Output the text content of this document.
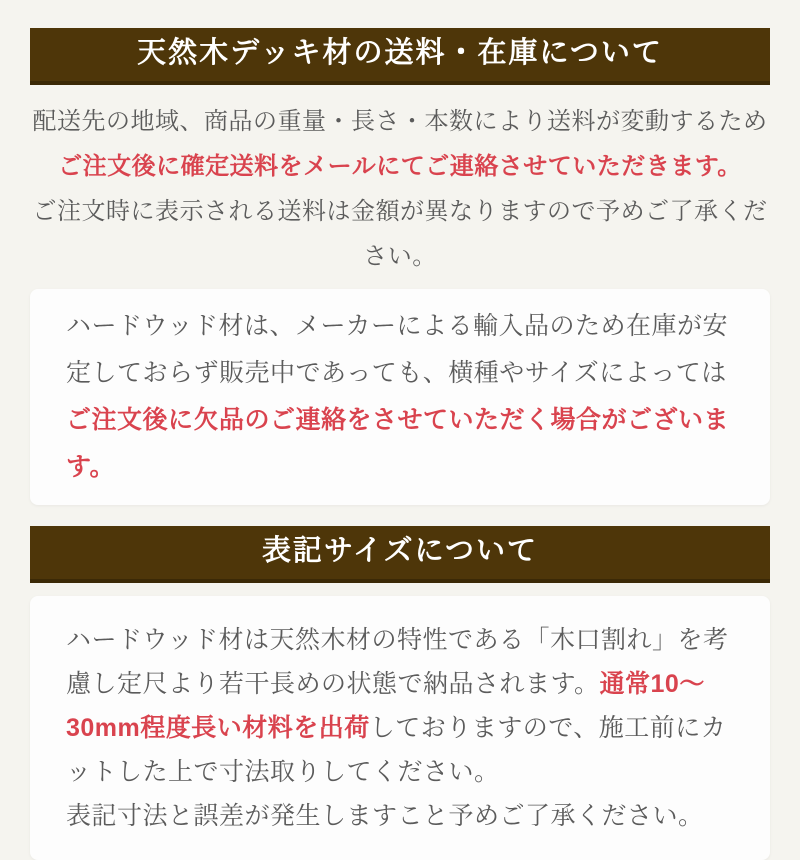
天然木デッキ材の送料・在庫について

配送先の地域、商品の重量・長さ・本数により送料が変動するため

ご注文後に確定送料をメールにてご連絡させていただきます。

ご注文時に表示される送料は金額が異なりますので予めご了承ください。

ハードウッド材は、メーカーによる輸入品のため在庫が安定しておらず販売中であっても、横種やサイズによってはご注文後に欠品のご連絡をさせていただく場合がございます。

表記サイズについて

ハードウッド材は天然木材の特性である「木口割れ」を考慮し定尺より若干長めの状態で納品されます。通常10〜30mm程度長い材料を出荷しておりますので、施工前にカットした上で寸法取りしてください。

表記寸法と誤差が発生しますこと予めご了承ください。
